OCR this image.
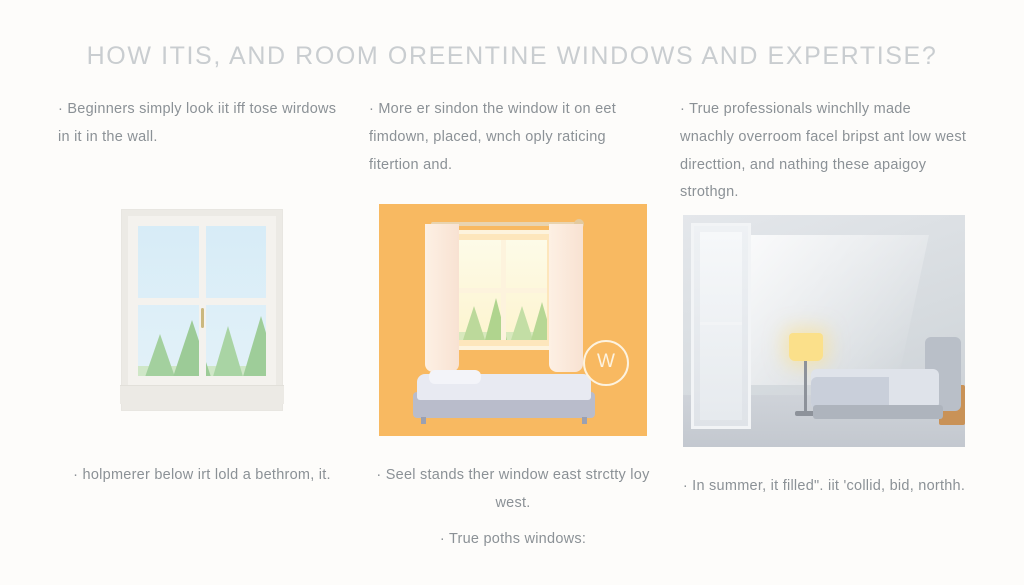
HOW ITIS, AND ROOM OREENTINE WINDOWS AND EXPERTISE?
· Beginners simply look iit iff tose wirdows in it in the wall.

· holpmerer below irt lold a bethrom, it.

· More er sindon the window it on eet fimdown, placed, wnch oply raticing fitertion and.
W

· Seel stands ther window east strctty loy west.

· True poths windows:

· True professionals winchlly made wnachly overroom facel bripst ant low west directtion, and nathing these apaigoy strothgn.

· In summer, it filled". iit 'collid, bid, northh.
